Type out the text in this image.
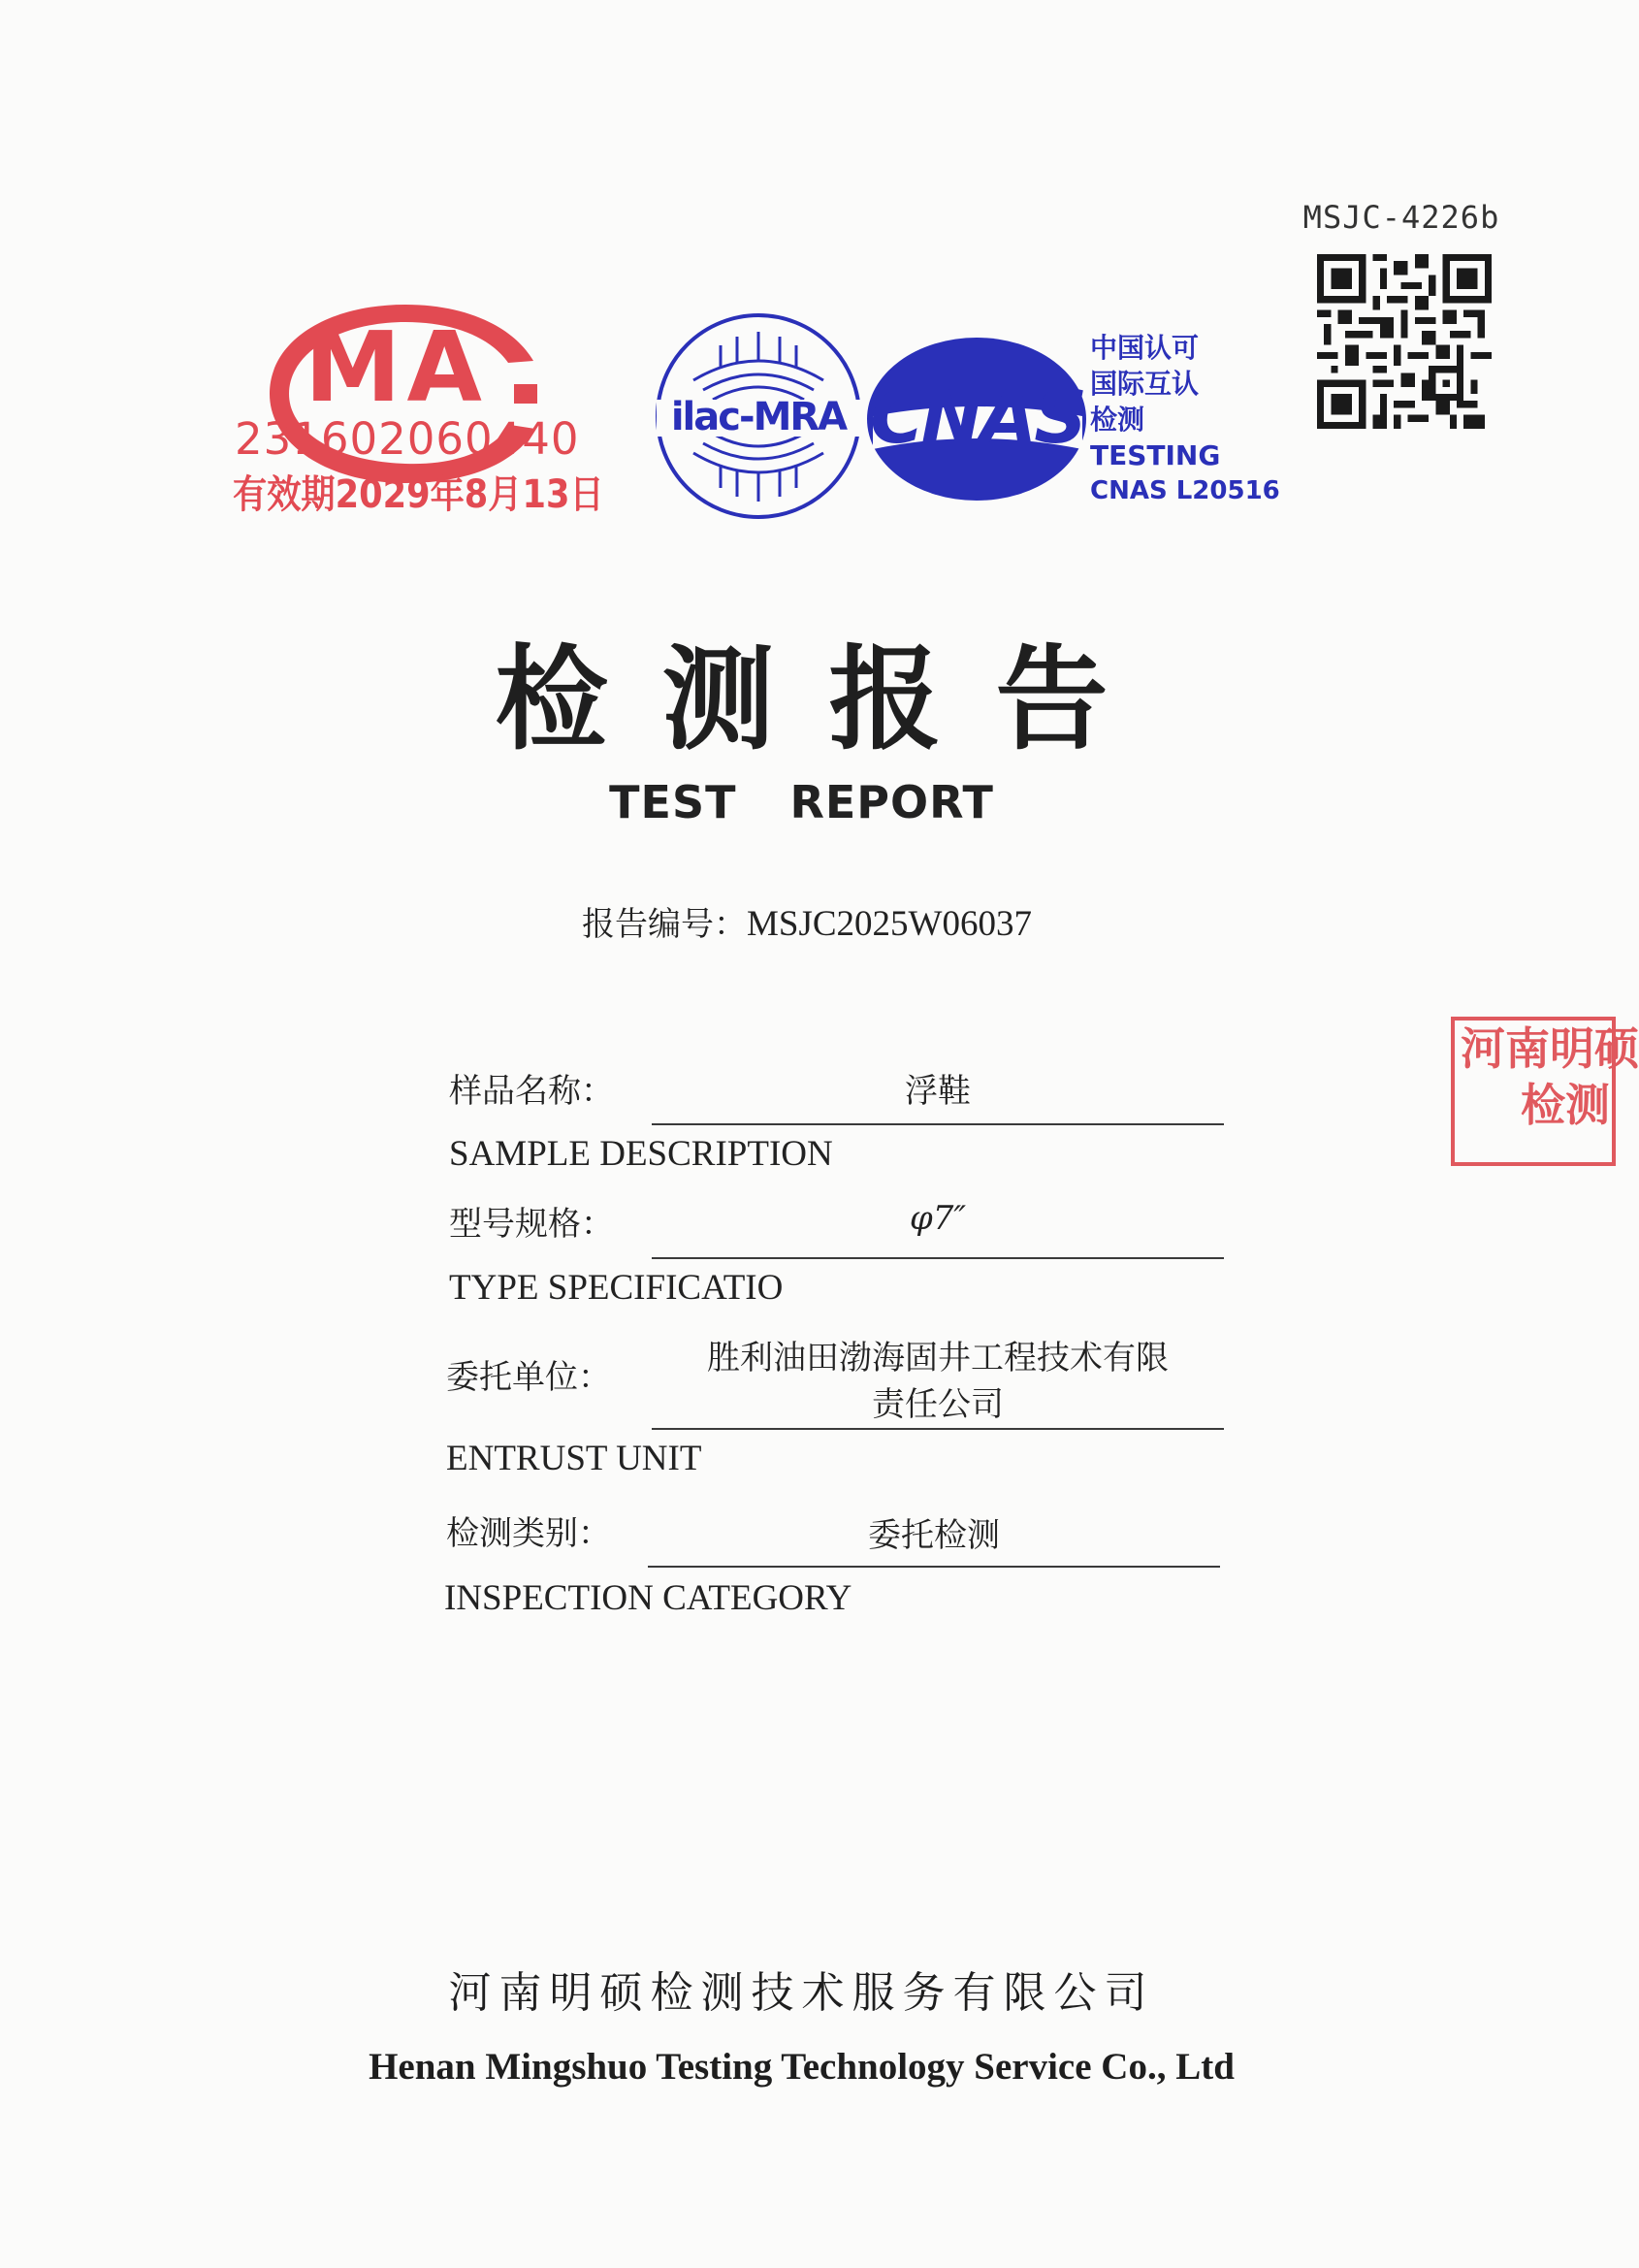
MSJC-4226b
MA
231602060440
有效期2029年8月13日
ilac-MRA CNAS
中国认可
国际互认
检测
TESTING
CNAS L20516

检测报告
TEST REPORT
报告编号：MSJC2025W06037
样品名称：	浮鞋
SAMPLE DESCRIPTION
型号规格：	φ7″
TYPE SPECIFICATIO
委托单位：	胜利油田渤海固井工程技术有限
责任公司
ENTRUST UNIT
检测类别：	委托检测
INSPECTION CATEGORY
河南明硕
检测
河南明硕检测技术服务有限公司
Henan Mingshuo Testing Technology Service Co., Ltd
